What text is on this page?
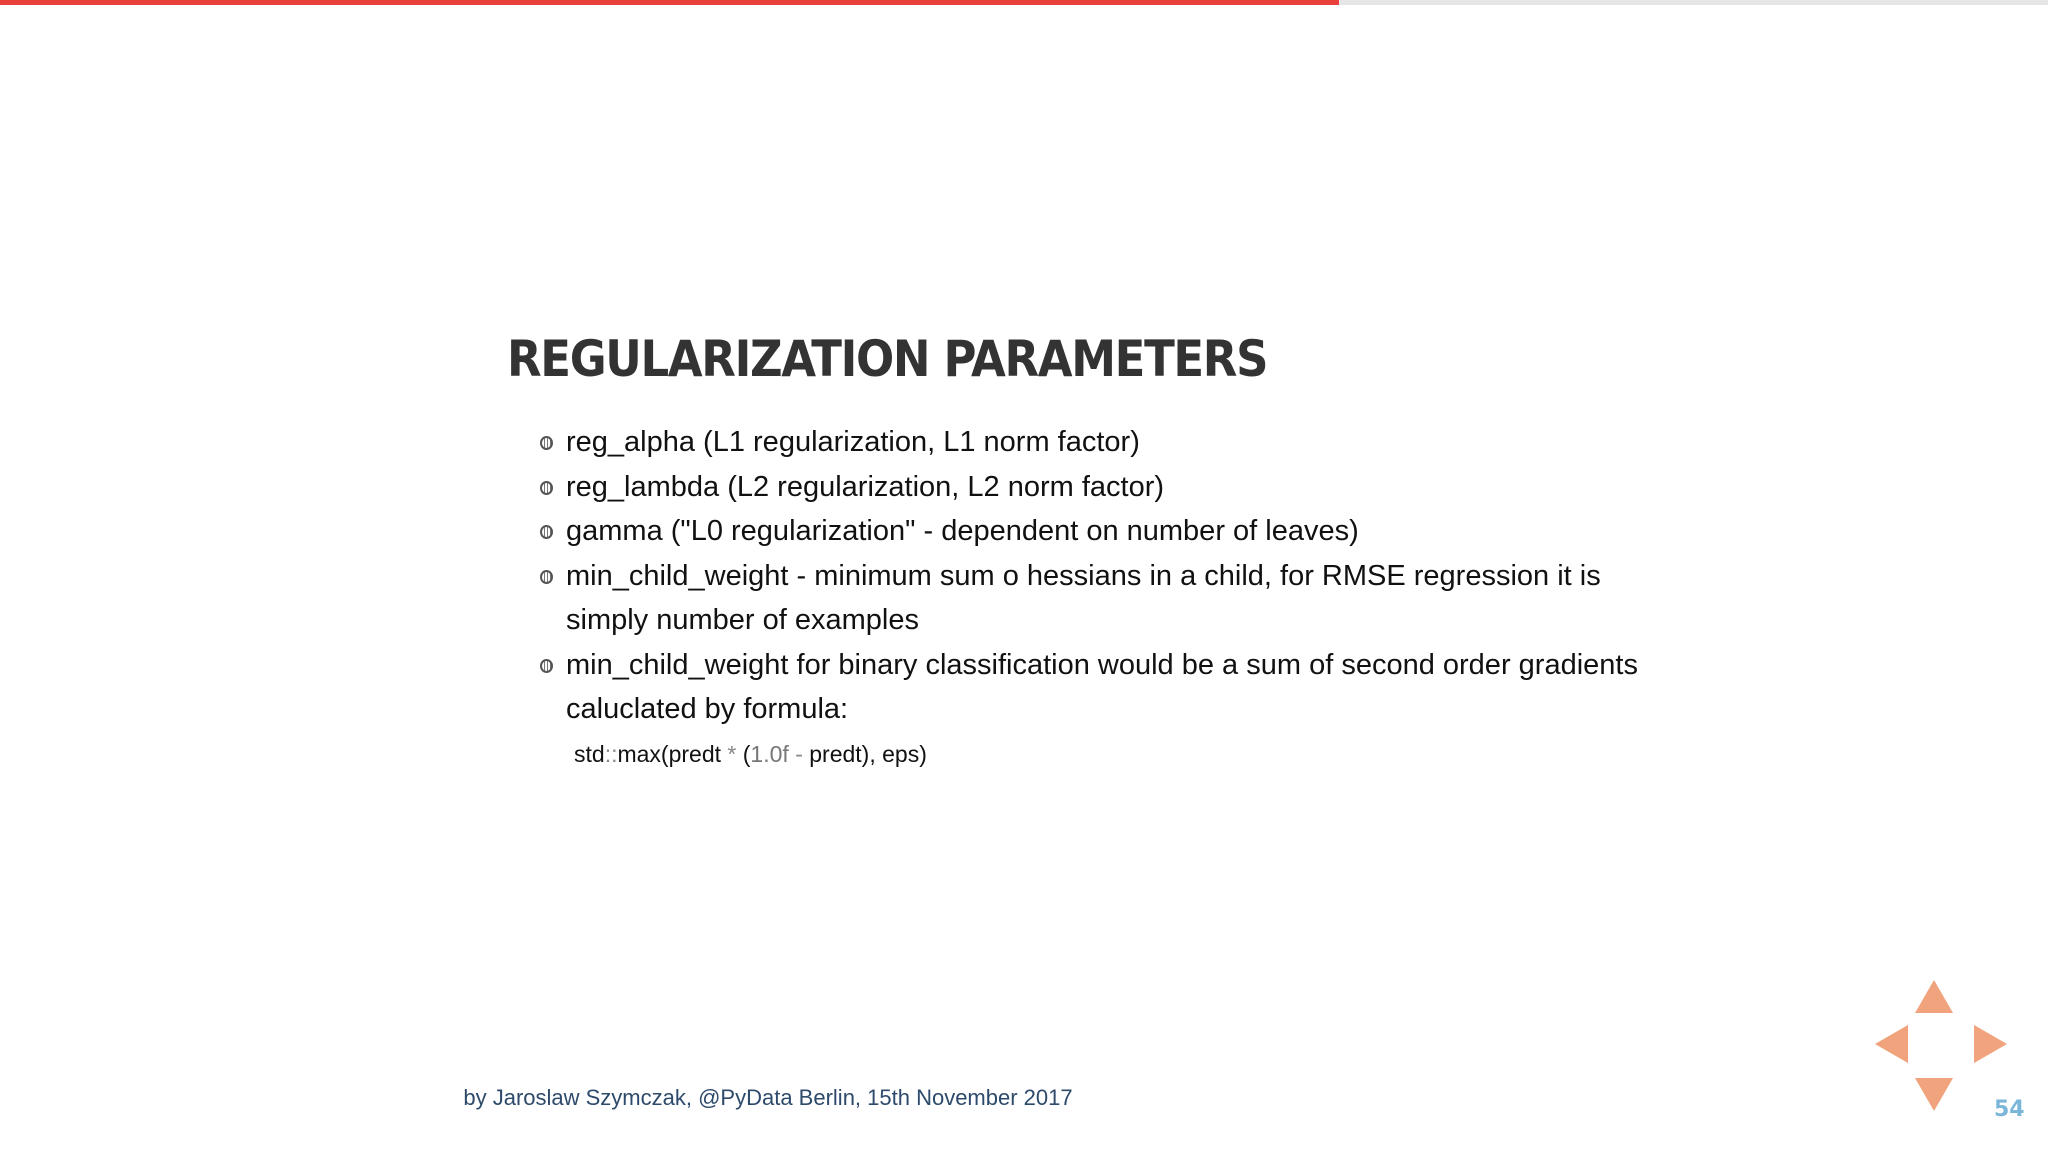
REGULARIZATION PARAMETERS
reg_alpha (L1 regularization, L1 norm factor)
reg_lambda (L2 regularization, L2 norm factor)
gamma ("L0 regularization" - dependent on number of leaves)
min_child_weight - minimum sum o hessians in a child, for RMSE regression it is simply number of examples
min_child_weight for binary classification would be a sum of second order gradients caluclated by formula:
std::max(predt * (1.0f - predt), eps)
by Jaroslaw Szymczak, @PyData Berlin, 15th November 2017	54
